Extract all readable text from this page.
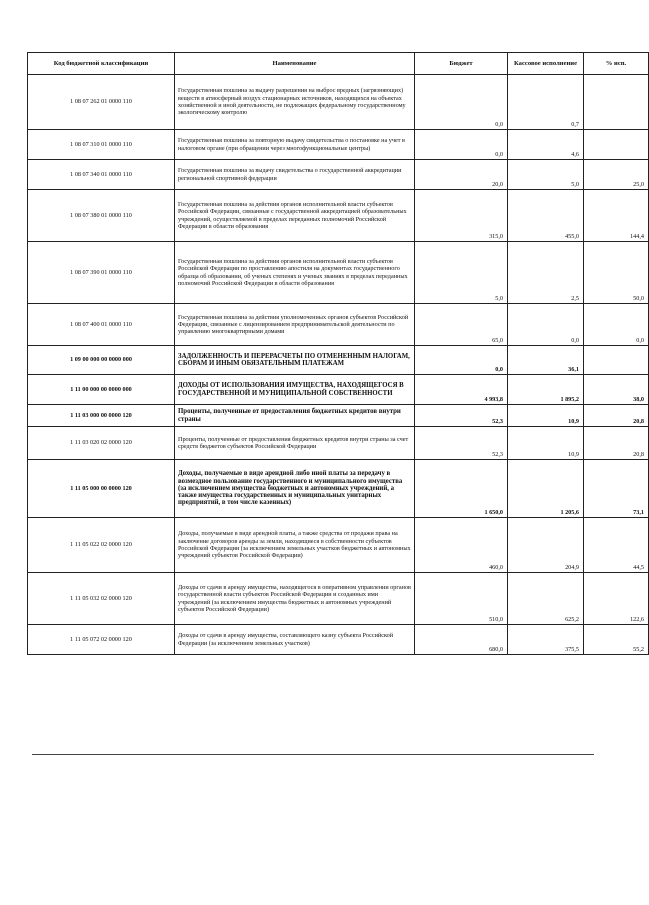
Код бюджетной классификации	Наименование	Бюджет	Кассовое исполнение	% исп.
1 08 07 262 01 0000 110	Государственная пошлина за выдачу разрешения на выброс вредных (загрязняющих) веществ в атмосферный воздух стационарных источников, находящихся на объектах хозяйственной и иной деятельности, не подлежащих федеральному государственному экологическому контролю	0,0	0,7	
1 08 07 310 01 0000 110	Государственная пошлина за повторную выдачу свидетельства о постановке на учет в налоговом органе (при обращении через многофункциональные центры)	0,0	4,6	
1 08 07 340 01 0000 110	Государственная пошлина за выдачу свидетельства о государственной аккредитации региональной спортивной федерации	20,0	5,0	25,0
1 08 07 380 01 0000 110	Государственная пошлина за действия органов исполнительной власти субъектов Российской Федерации, связанные с государственной аккредитацией образовательных учреждений, осуществляемой в пределах переданных полномочий Российской Федерации в области образования	315,0	455,0	144,4
1 08 07 390 01 0000 110	Государственная пошлина за действия органов исполнительной власти субъектов Российской Федерации по проставлению апостиля на документах государственного образца об образовании, об ученых степенях и ученых званиях в пределах переданных полномочий Российской Федерации в области образования	5,0	2,5	50,0
1 08 07 400 01 0000 110	Государственная пошлина за действия уполномоченных органов субъектов Российской Федерации, связанные с лицензированием предпринимательской деятельности по управлению многоквартирными домами	65,0	0,0	0,0
1 09 00 000 00 0000 000	ЗАДОЛЖЕННОСТЬ И ПЕРЕРАСЧЕТЫ ПО ОТМЕНЕННЫМ НАЛОГАМ, СБОРАМ И ИНЫМ ОБЯЗАТЕЛЬНЫМ ПЛАТЕЖАМ	0,0	36,1	
1 11 00 000 00 0000 000	ДОХОДЫ ОТ ИСПОЛЬЗОВАНИЯ ИМУЩЕСТВА, НАХОДЯЩЕГОСЯ В ГОСУДАРСТВЕННОЙ И МУНИЦИПАЛЬНОЙ СОБСТВЕННОСТИ	4 993,8	1 895,2	38,0
1 11 03 000 00 0000 120	Проценты, полученные от предоставления бюджетных кредитов внутри страны	52,3	10,9	20,8
1 11 03 020 02 0000 120	Проценты, полученные от предоставления бюджетных кредитов внутри страны за счет средств бюджетов субъектов Российской Федерации	52,3	10,9	20,8
1 11 05 000 00 0000 120	Доходы, получаемые в виде арендной либо иной платы за передачу в возмездное пользование государственного и муниципального имущества (за исключением имущества бюджетных и автономных учреждений, а также имущества государственных и муниципальных унитарных предприятий, в том числе казенных)	1 650,0	1 205,6	73,1
1 11 05 022 02 0000 120	Доходы, получаемые в виде арендной платы, а также средства от продажи права на заключение договоров аренды за земли, находящиеся в собственности субъектов Российской Федерации (за исключением земельных участков бюджетных и автономных учреждений субъектов Российской Федерации)	460,0	204,9	44,5
1 11 05 032 02 0000 120	Доходы от сдачи в аренду имущества, находящегося в оперативном управлении органов государственной власти субъектов Российской Федерации и созданных ими учреждений (за исключением имущества бюджетных и автономных учреждений субъектов Российской Федерации)	510,0	625,2	122,6
1 11 05 072 02 0000 120	Доходы от сдачи в аренду имущества, составляющего казну субъекта Российской Федерации (за исключением земельных участков)	680,0	375,5	55,2
